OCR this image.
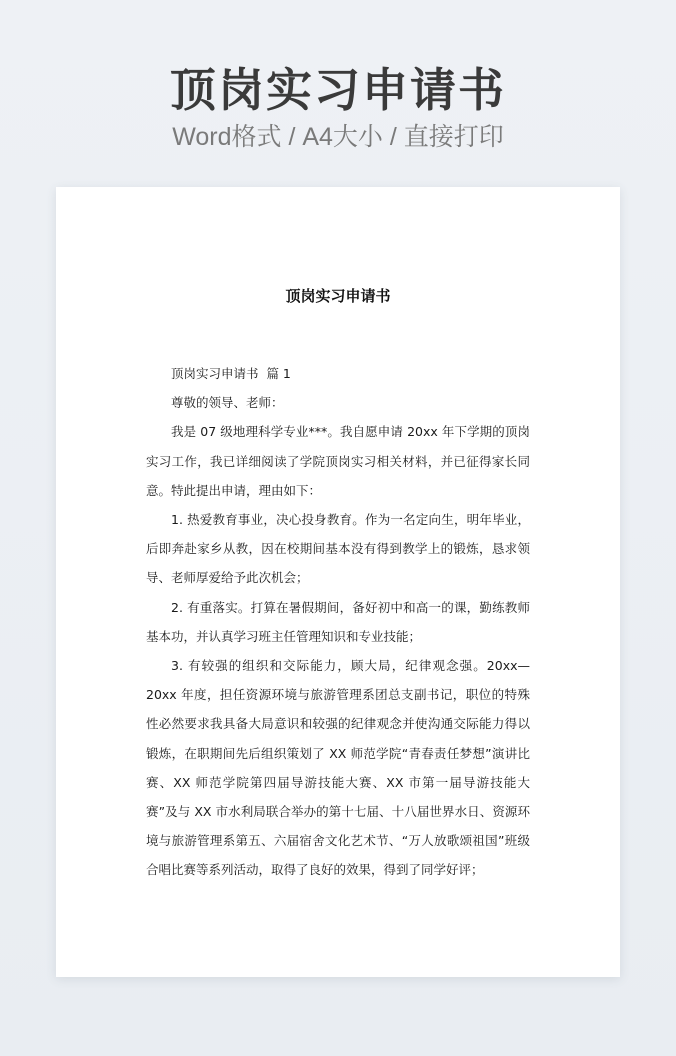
顶岗实习申请书
Word格式 / A4大小 / 直接打印
顶岗实习申请书

顶岗实习申请书  篇 1

尊敬的领导、老师：

我是 07 级地理科学专业***。我自愿申请 20xx 年下学期的顶岗实习工作，我已详细阅读了学院顶岗实习相关材料，并已征得家长同意。特此提出申请，理由如下：

1. 热爱教育事业，决心投身教育。作为一名定向生，明年毕业，后即奔赴家乡从教，因在校期间基本没有得到教学上的锻炼，恳求领导、老师厚爱给予此次机会；

2. 有重落实。打算在暑假期间，备好初中和高一的课，勤练教师基本功，并认真学习班主任管理知识和专业技能；

3. 有较强的组织和交际能力，顾大局，纪律观念强。20xx—20xx 年度，担任资源环境与旅游管理系团总支副书记，职位的特殊性必然要求我具备大局意识和较强的纪律观念并使沟通交际能力得以锻炼，在职期间先后组织策划了 XX 师范学院“青春责任梦想”演讲比赛、XX 师范学院第四届导游技能大赛、XX 市第一届导游技能大赛”及与 XX 市水利局联合举办的第十七届、十八届世界水日、资源环境与旅游管理系第五、六届宿舍文化艺术节、“万人放歌颂祖国”班级合唱比赛等系列活动，取得了良好的效果，得到了同学好评；
